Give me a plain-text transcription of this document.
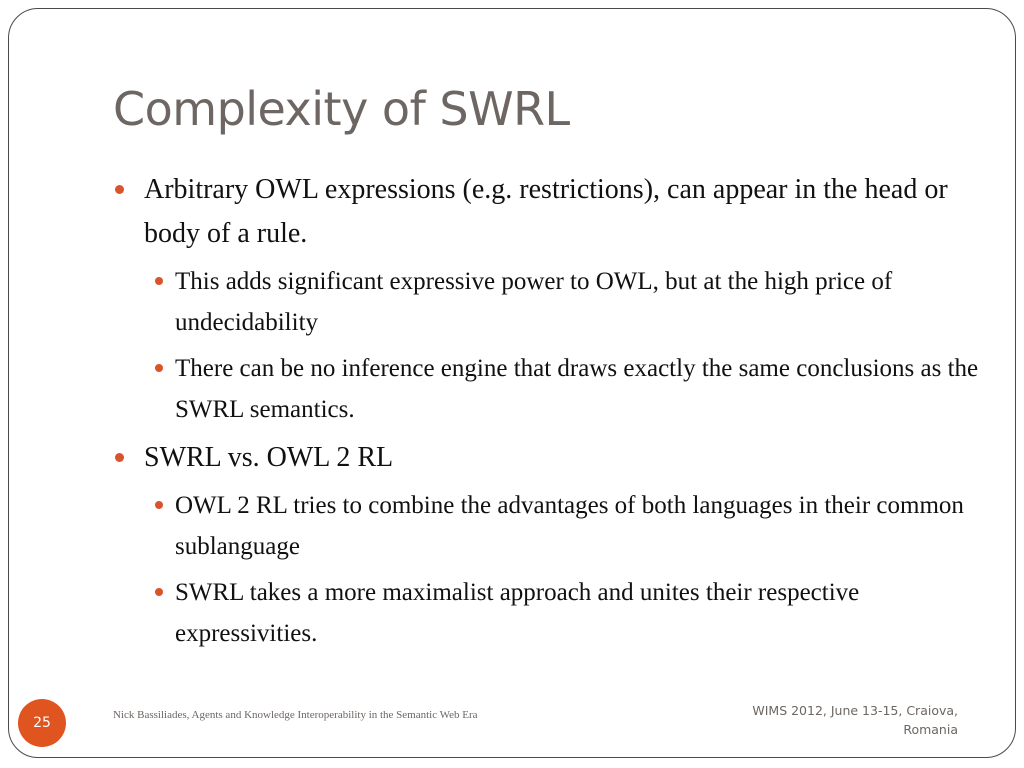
Complexity of SWRL
Arbitrary OWL expressions (e.g. restrictions), can appear in the head or body of a rule.
This adds significant expressive power to OWL, but at the high price of undecidability
There can be no inference engine that draws exactly the same conclusions as the SWRL semantics.
SWRL vs. OWL 2 RL
OWL 2 RL tries to combine the advantages of both languages in their common sublanguage
SWRL takes a more maximalist approach and unites their respective expressivities.
25	Nick Bassiliades, Agents and Knowledge Interoperability in the Semantic Web Era	WIMS 2012, June 13-15, Craiova, Romania
